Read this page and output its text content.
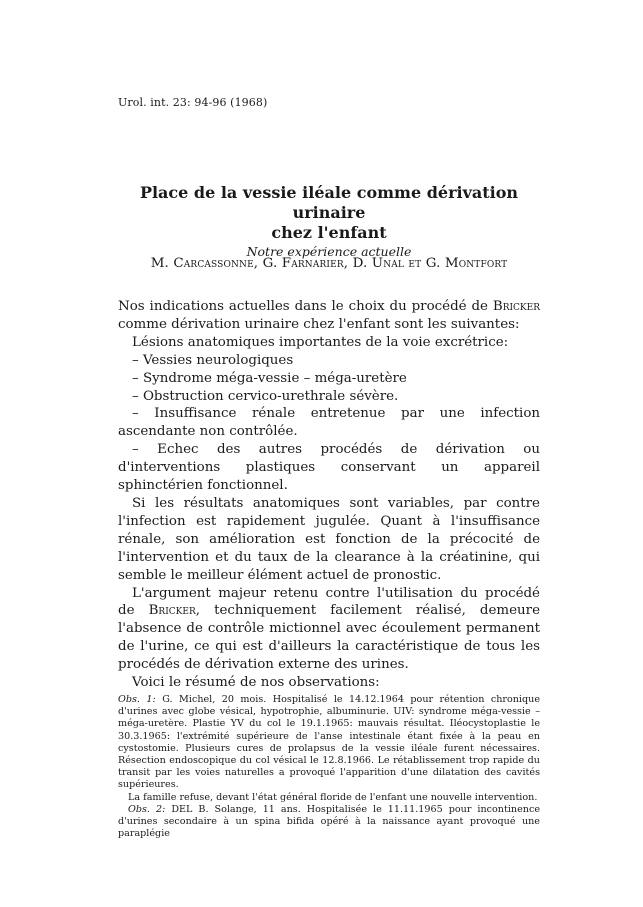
Urol. int. 23: 94-96 (1968)

Place de la vessie iléale comme dérivation urinaire
chez l'enfant

Notre expérience actuelle
M. Carcassonne, G. Farnarier, D. Unal et G. Montfort

Nos indications actuelles dans le choix du procédé de Bricker comme dérivation urinaire chez l'enfant sont les suivantes:

Lésions anatomiques importantes de la voie excrétrice:

– Vessies neurologiques

– Syndrome méga-vessie – méga-uretère

– Obstruction cervico-urethrale sévère.

– Insuffisance rénale entretenue par une infection ascendante non contrôlée.

– Echec des autres procédés de dérivation ou d'interventions plastiques conservant un appareil sphinctérien fonctionnel.

Si les résultats anatomiques sont variables, par contre l'infection est rapidement jugulée. Quant à l'insuffisance rénale, son amélioration est fonction de la précocité de l'intervention et du taux de la clearance à la créatinine, qui semble le meilleur élément actuel de pronostic.

L'argument majeur retenu contre l'utilisation du procédé de Bricker, techniquement facilement réalisé, demeure l'absence de contrôle mictionnel avec écoulement permanent de l'urine, ce qui est d'ailleurs la caractéristique de tous les procédés de dérivation externe des urines.

Voici le résumé de nos observations:

Obs. 1: G. Michel, 20 mois. Hospitalisé le 14.12.1964 pour rétention chronique d'urines avec globe vésical, hypotrophie, albuminurie. UIV: syndrome méga-vessie – méga-uretère. Plastie YV du col le 19.1.1965: mauvais résultat. Iléocystoplastie le 30.3.1965: l'extrémité supérieure de l'anse intestinale étant fixée à la peau en cystostomie. Plusieurs cures de prolapsus de la vessie iléale furent nécessaires. Résection endoscopique du col vésical le 12.8.1966. Le rétablissement trop rapide du transit par les voies naturelles a provoqué l'apparition d'une dilatation des cavités supérieures.

La famille refuse, devant l'état général floride de l'enfant une nouvelle intervention.

Obs. 2: DEL B. Solange, 11 ans. Hospitalisée le 11.11.1965 pour incontinence d'urines secondaire à un spina bifida opéré à la naissance ayant provoqué une paraplégie
